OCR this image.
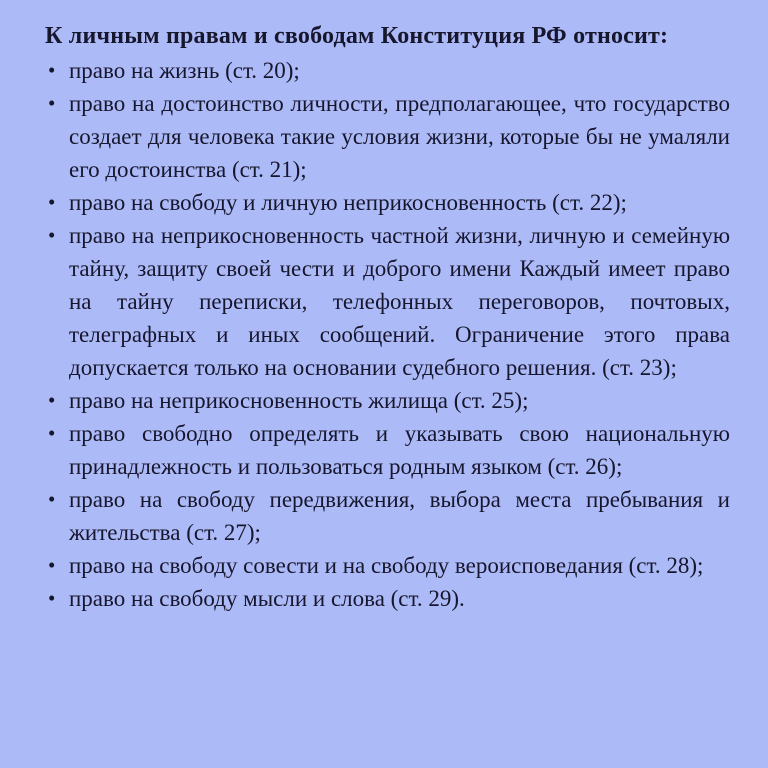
К личным правам и свободам Конституция РФ относит:
• право на жизнь (ст. 20);
• право на достоинство личности, предполагающее, что государство создает для человека такие условия жизни, которые бы не умаляли его достоинства (ст. 21);
• право на свободу и личную неприкосновенность (ст. 22);
• право на неприкосновенность частной жизни, личную и семейную тайну, защиту своей чести и доброго имени Каждый имеет право на тайну переписки, телефонных переговоров, почтовых, телеграфных и иных сообщений. Ограничение этого права допускается только на основании судебного решения. (ст. 23);
• право на неприкосновенность жилища (ст. 25);
• право свободно определять и указывать свою национальную принадлежность и пользоваться родным языком (ст. 26);
• право на свободу передвижения, выбора места пребывания и жительства (ст. 27);
• право на свободу совести и на свободу вероисповедания (ст. 28);
• право на свободу мысли и слова (ст. 29).
